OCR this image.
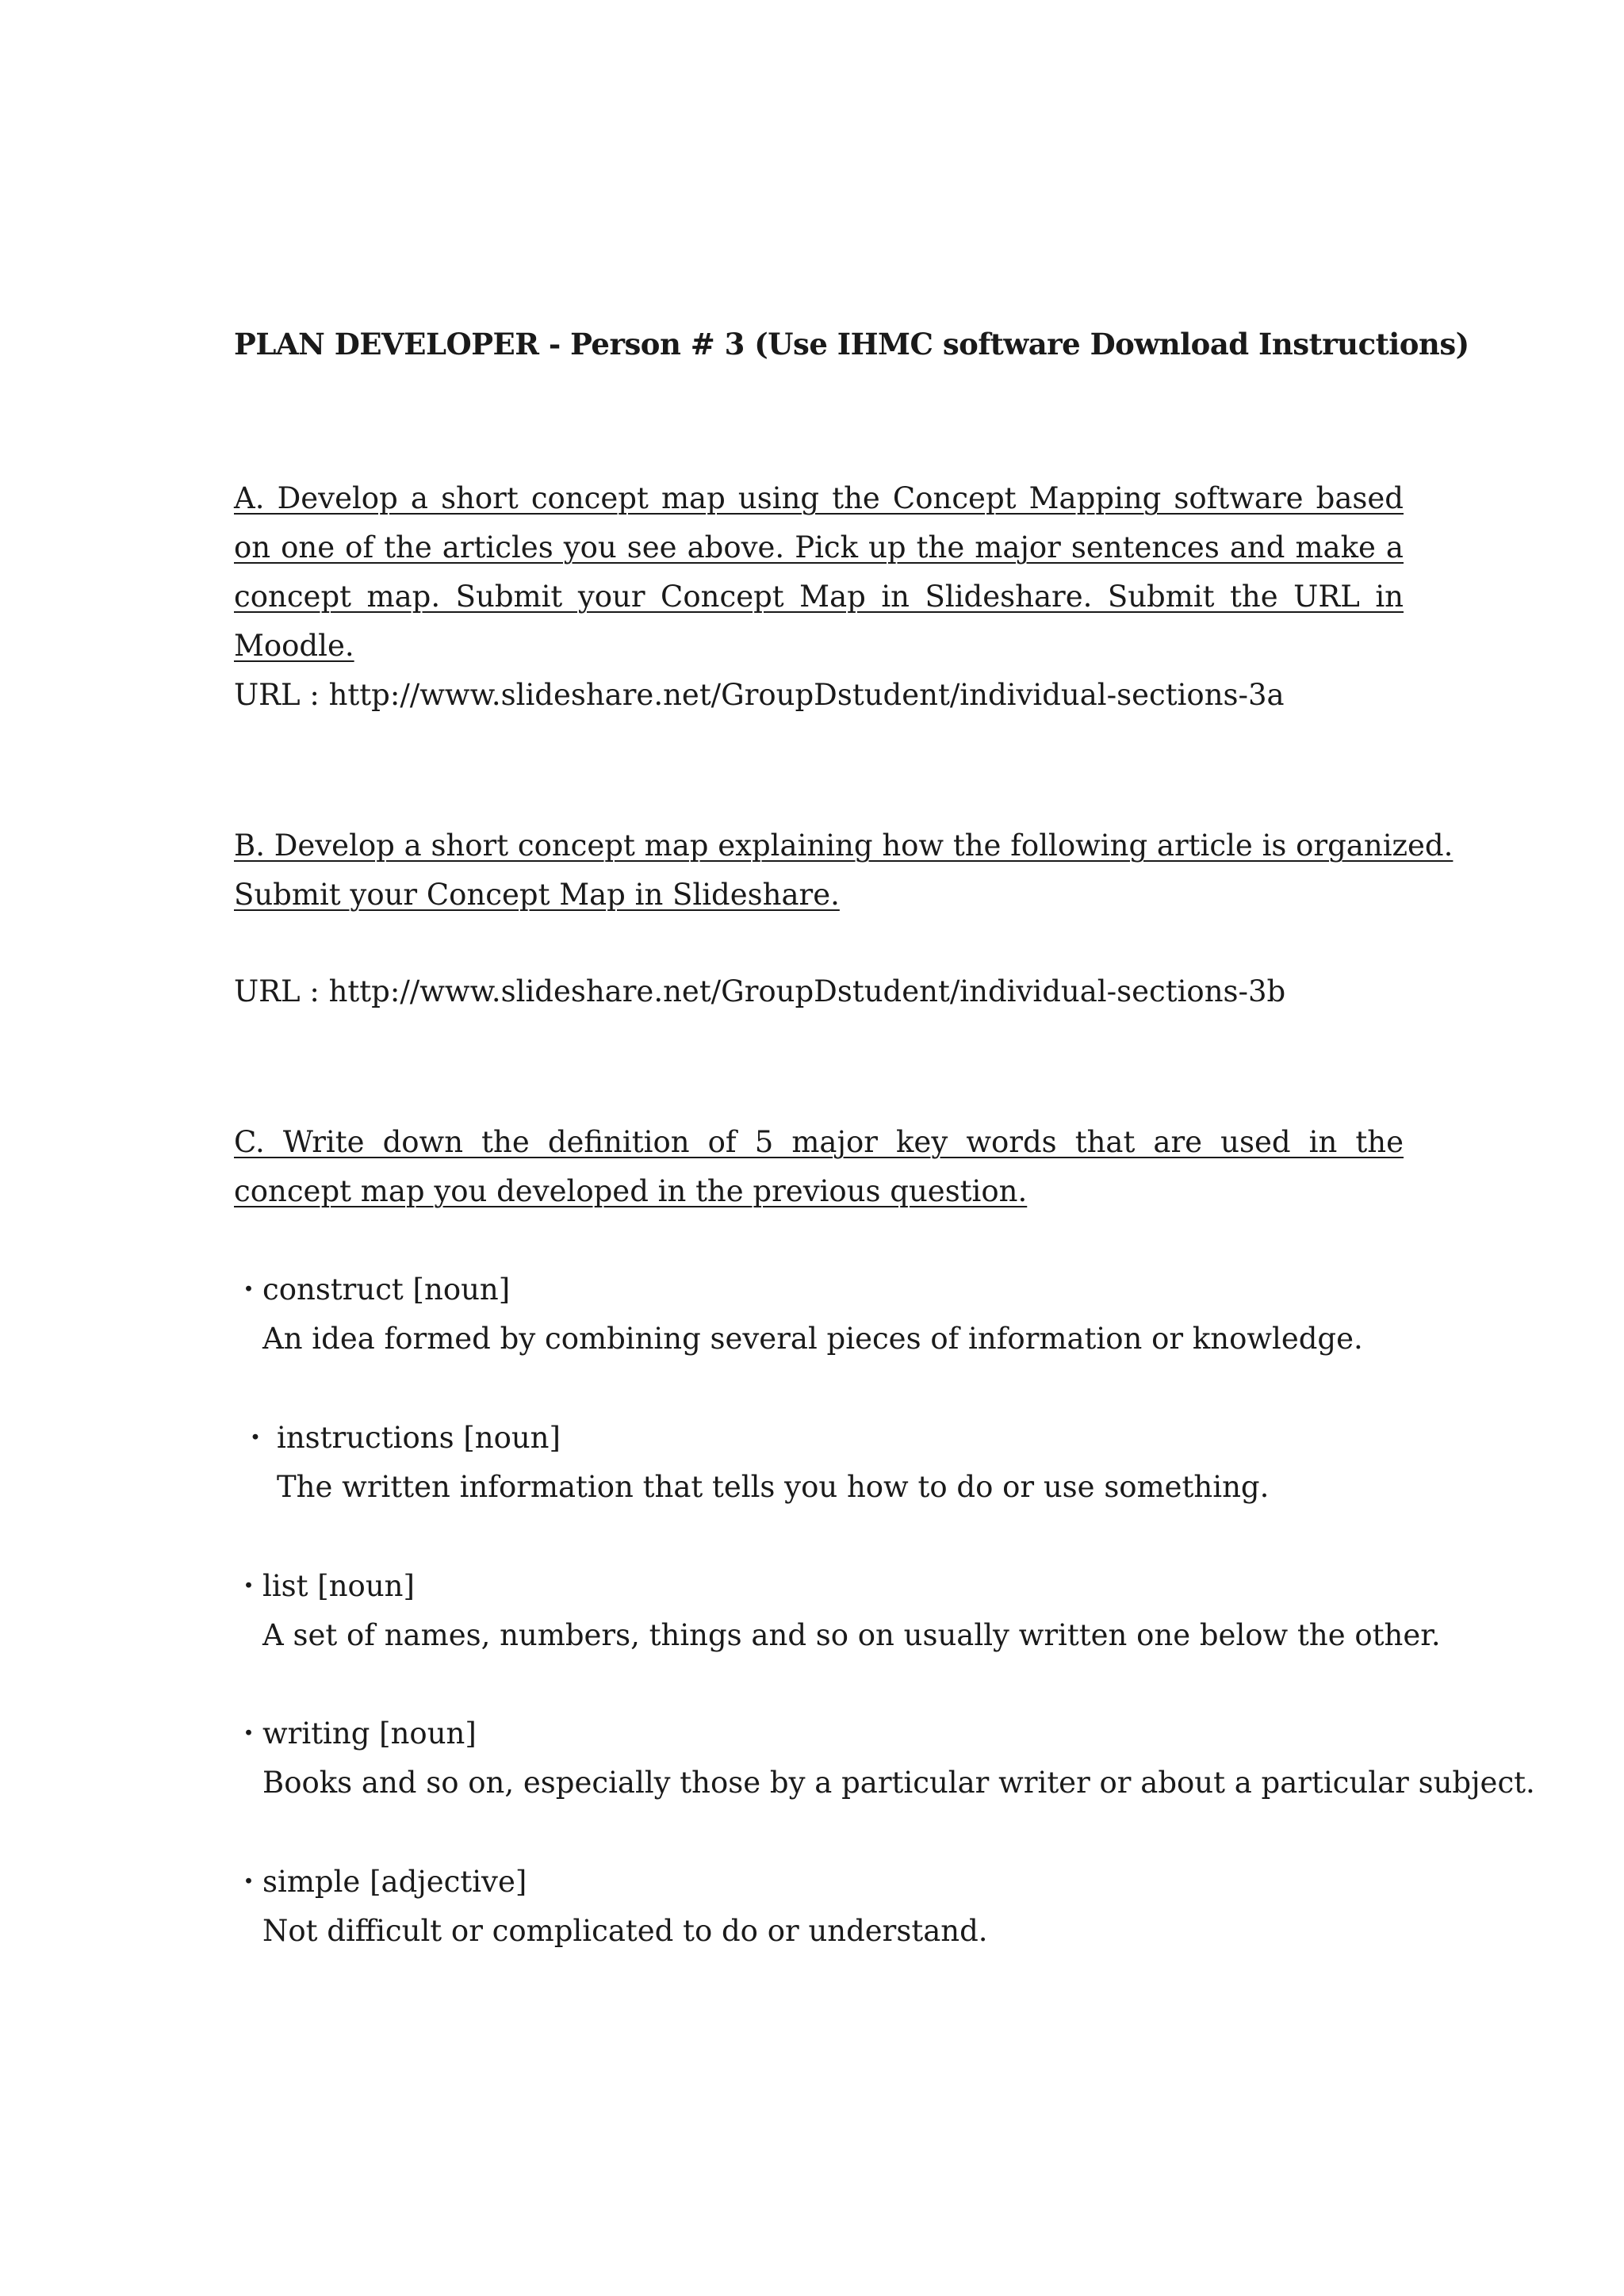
PLAN DEVELOPER - Person # 3 (Use IHMC software Download Instructions)
A. Develop a short concept map using the Concept Mapping software based on one of the articles you see above. Pick up the major sentences and make a concept map. Submit your Concept Map in Slideshare. Submit the URL in Moodle.
URL : http://www.slideshare.net/GroupDstudent/individual-sections-3a
B. Develop a short concept map explaining how the following article is organized.
Submit your Concept Map in Slideshare.
URL : http://www.slideshare.net/GroupDstudent/individual-sections-3b
C. Write down the definition of 5 major key words that are used in the concept map you developed in the previous question.
・construct [noun]
An idea formed by combining several pieces of information or knowledge.
・ instructions [noun]
The written information that tells you how to do or use something.
・list [noun]
A set of names, numbers, things and so on usually written one below the other.
・writing [noun]
Books and so on, especially those by a particular writer or about a particular subject.
・simple [adjective]
Not difficult or complicated to do or understand.
